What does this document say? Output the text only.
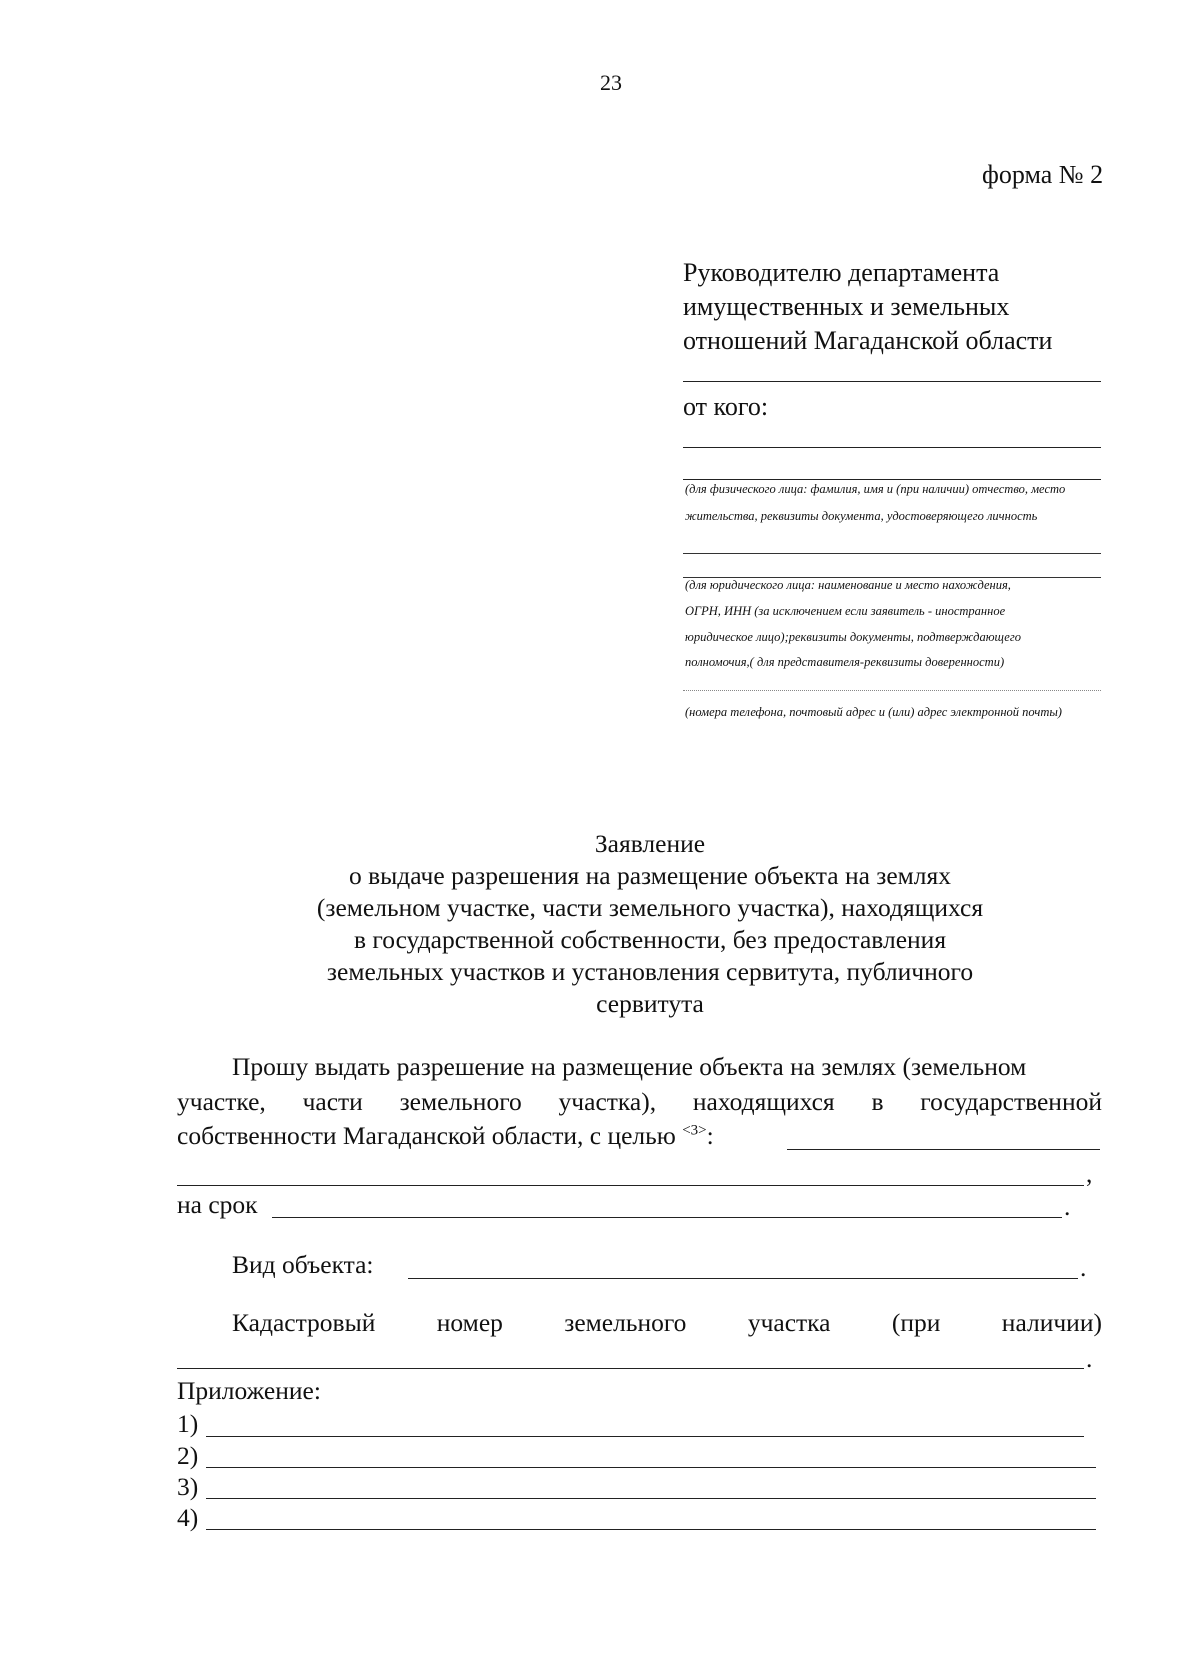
23
форма № 2
Руководителю департамента
имущественных и земельных
отношений Магаданской области
от кого:
(для физического лица: фамилия, имя и (при наличии) отчество, место
жительства, реквизиты документа, удостоверяющего личность
(для юридического лица: наименование и место нахождения,
ОГРН, ИНН (за исключением если заявитель - иностранное
юридическое лицо);реквизиты документы, подтверждающего
полномочия,( для представителя-реквизиты доверенности)
(номера телефона, почтовый адрес и (или) адрес электронной почты)
Заявление
о выдаче разрешения на размещение объекта на землях
(земельном участке, части земельного участка), находящихся
в государственной собственности, без предоставления
земельных участков и установления сервитута, публичного
сервитута
Прошу выдать разрешение на размещение объекта на землях (земельном
участке, части земельного участка), находящихся в государственной
собственности Магаданской области, с целью $^{<3>}$:
,
на срок	.
Вид объекта:	.
Кадастровый номер земельного участка (при наличии)
.
Приложение:
1)
2)
3)
4)
